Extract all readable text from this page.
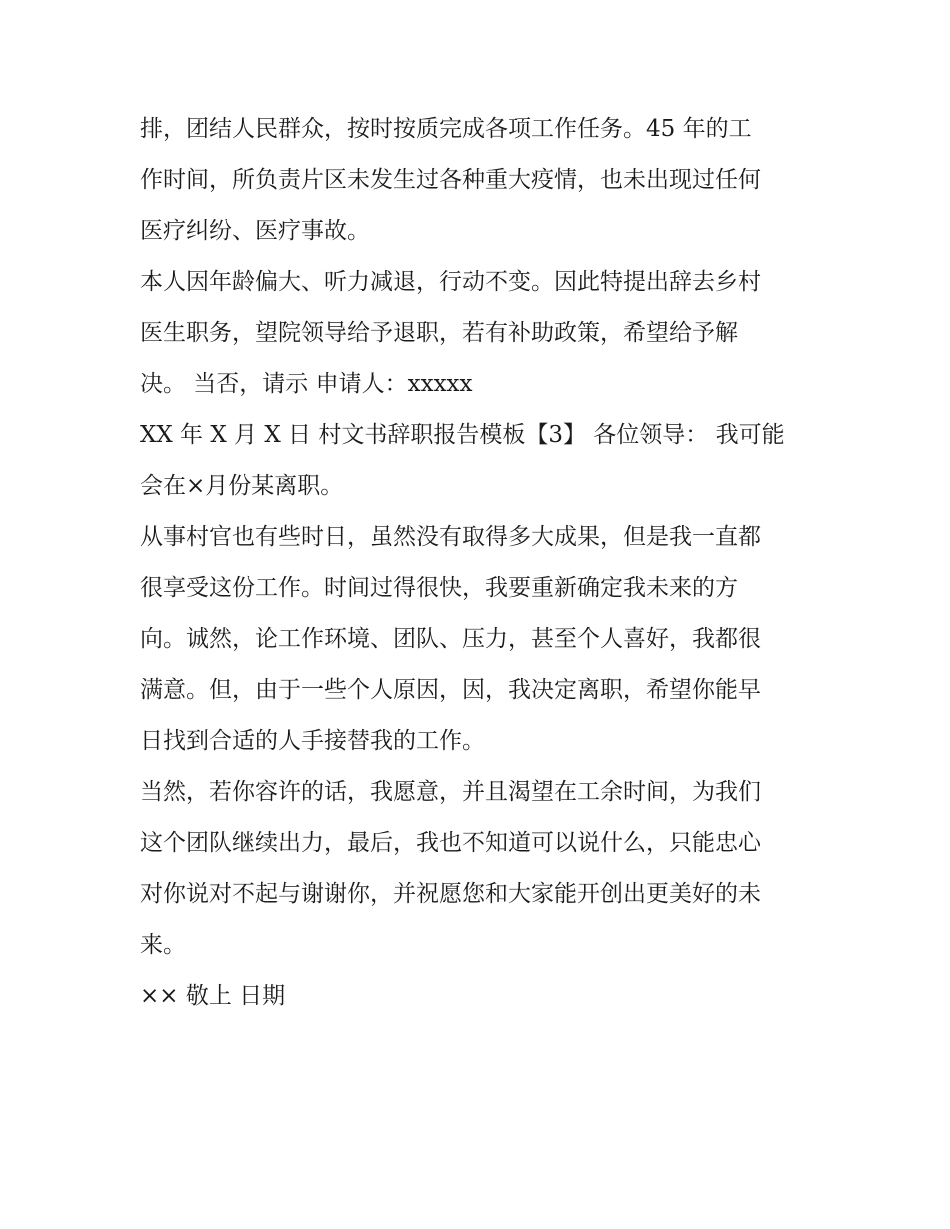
排，团结人民群众，按时按质完成各项工作任务。45 年的工
作时间，所负责片区未发生过各种重大疫情，也未出现过任何
医疗纠纷、医疗事故。
本人因年龄偏大、听力减退，行动不变。因此特提出辞去乡村
医生职务，望院领导给予退职，若有补助政策，希望给予解
决。 当否，请示 申请人：xxxxx
XX 年 X 月 X 日 村文书辞职报告模板【3】 各位领导： 我可能
会在×月份某离职。
从事村官也有些时日，虽然没有取得多大成果，但是我一直都
很享受这份工作。时间过得很快，我要重新确定我未来的方
向。诚然，论工作环境、团队、压力，甚至个人喜好，我都很
满意。但，由于一些个人原因，因，我决定离职，希望你能早
日找到合适的人手接替我的工作。
当然，若你容许的话，我愿意，并且渴望在工余时间，为我们
这个团队继续出力，最后，我也不知道可以说什么，只能忠心
对你说对不起与谢谢你，并祝愿您和大家能开创出更美好的未
来。
×× 敬上 日期
